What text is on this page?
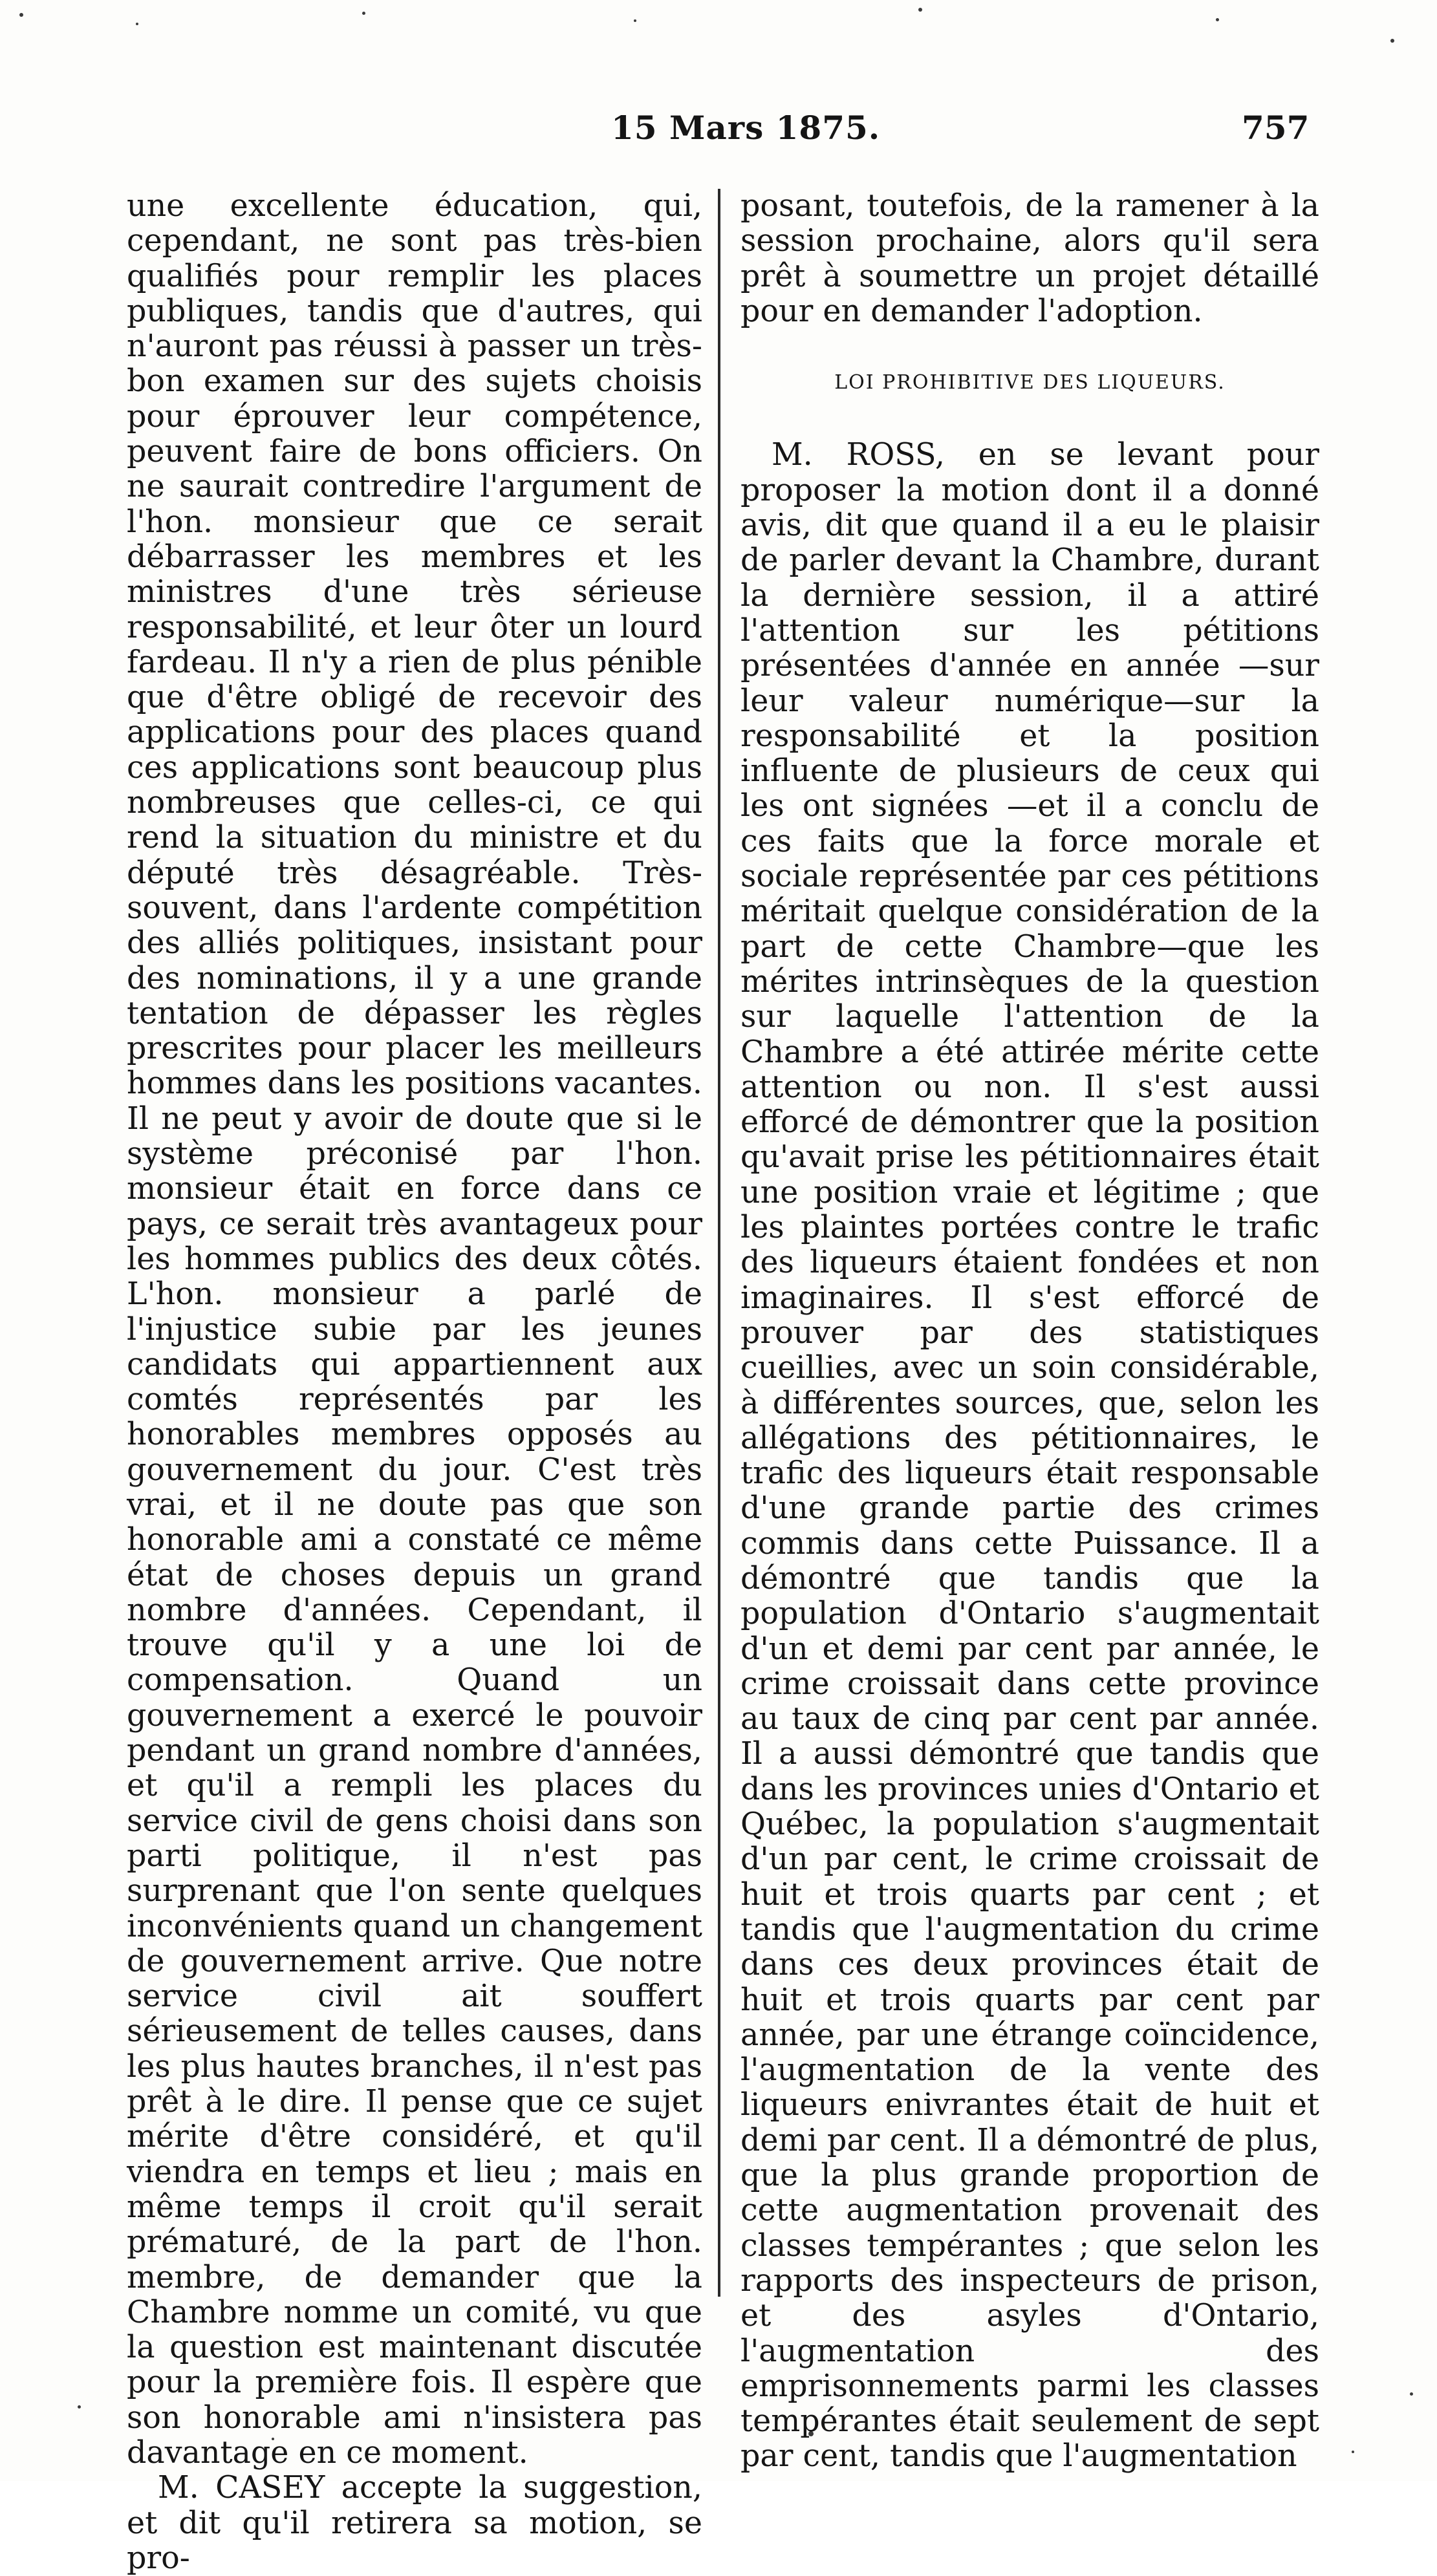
15 Mars 1875.	757

une excellente éducation, qui, cependant, ne sont pas très-bien qualifiés pour remplir les places publiques, tandis que d'autres, qui n'auront pas réussi à passer un très-bon examen sur des sujets choisis pour éprouver leur compétence, peuvent faire de bons officiers. On ne saurait contredire l'argument de l'hon. monsieur que ce serait débarrasser les membres et les ministres d'une très sérieuse responsabilité, et leur ôter un lourd fardeau. Il n'y a rien de plus pénible que d'être obligé de recevoir des applications pour des places quand ces applications sont beaucoup plus nombreuses que celles-ci, ce qui rend la situation du ministre et du député très désagréable. Très-souvent, dans l'ardente compétition des alliés politiques, insistant pour des nominations, il y a une grande tentation de dépasser les règles prescrites pour placer les meilleurs hommes dans les positions vacantes. Il ne peut y avoir de doute que si le système préconisé par l'hon. monsieur était en force dans ce pays, ce serait très avantageux pour les hommes publics des deux côtés. L'hon. monsieur a parlé de l'injustice subie par les jeunes candidats qui appartiennent aux comtés représentés par les honorables membres opposés au gouvernement du jour. C'est très vrai, et il ne doute pas que son honorable ami a constaté ce même état de choses depuis un grand nombre d'années. Cependant, il trouve qu'il y a une loi de compensation. Quand un gouvernement a exercé le pouvoir pendant un grand nombre d'années, et qu'il a rempli les places du service civil de gens choisi dans son parti politique, il n'est pas surprenant que l'on sente quelques inconvénients quand un changement de gouvernement arrive. Que notre service civil ait souffert sérieusement de telles causes, dans les plus hautes branches, il n'est pas prêt à le dire. Il pense que ce sujet mérite d'être considéré, et qu'il viendra en temps et lieu ; mais en même temps il croit qu'il serait prématuré, de la part de l'hon. membre, de demander que la Chambre nomme un comité, vu que la question est maintenant discutée pour la première fois. Il espère que son honorable ami n'insistera pas davantage en ce moment.

M. CASEY accepte la suggestion, et dit qu'il retirera sa motion, se pro-

posant, toutefois, de la ramener à la session prochaine, alors qu'il sera prêt à soumettre un projet détaillé pour en demander l'adoption.

LOI PROHIBITIVE DES LIQUEURS.

M. ROSS, en se levant pour proposer la motion dont il a donné avis, dit que quand il a eu le plaisir de parler devant la Chambre, durant la dernière session, il a attiré l'attention sur les pétitions présentées d'année en année —sur leur valeur numérique—sur la responsabilité et la position influente de plusieurs de ceux qui les ont signées —et il a conclu de ces faits que la force morale et sociale représentée par ces pétitions méritait quelque considération de la part de cette Chambre—que les mérites intrinsèques de la question sur laquelle l'attention de la Chambre a été attirée mérite cette attention ou non. Il s'est aussi efforcé de démontrer que la position qu'avait prise les pétitionnaires était une position vraie et légitime ; que les plaintes portées contre le trafic des liqueurs étaient fondées et non imaginaires. Il s'est efforcé de prouver par des statistiques cueillies, avec un soin considérable, à différentes sources, que, selon les allégations des pétitionnaires, le trafic des liqueurs était responsable d'une grande partie des crimes commis dans cette Puissance. Il a démontré que tandis que la population d'Ontario s'augmentait d'un et demi par cent par année, le crime croissait dans cette province au taux de cinq par cent par année. Il a aussi démontré que tandis que dans les provinces unies d'Ontario et Québec, la population s'augmentait d'un par cent, le crime croissait de huit et trois quarts par cent ; et tandis que l'augmentation du crime dans ces deux provinces était de huit et trois quarts par cent par année, par une étrange coïncidence, l'augmentation de la vente des liqueurs enivrantes était de huit et demi par cent. Il a démontré de plus, que la plus grande proportion de cette augmentation provenait des classes tempérantes ; que selon les rapports des inspecteurs de prison, et des asyles d'Ontario, l'augmentation des emprisonnements parmi les classes tempérantes était seulement de sept par cent, tandis que l'augmentation
